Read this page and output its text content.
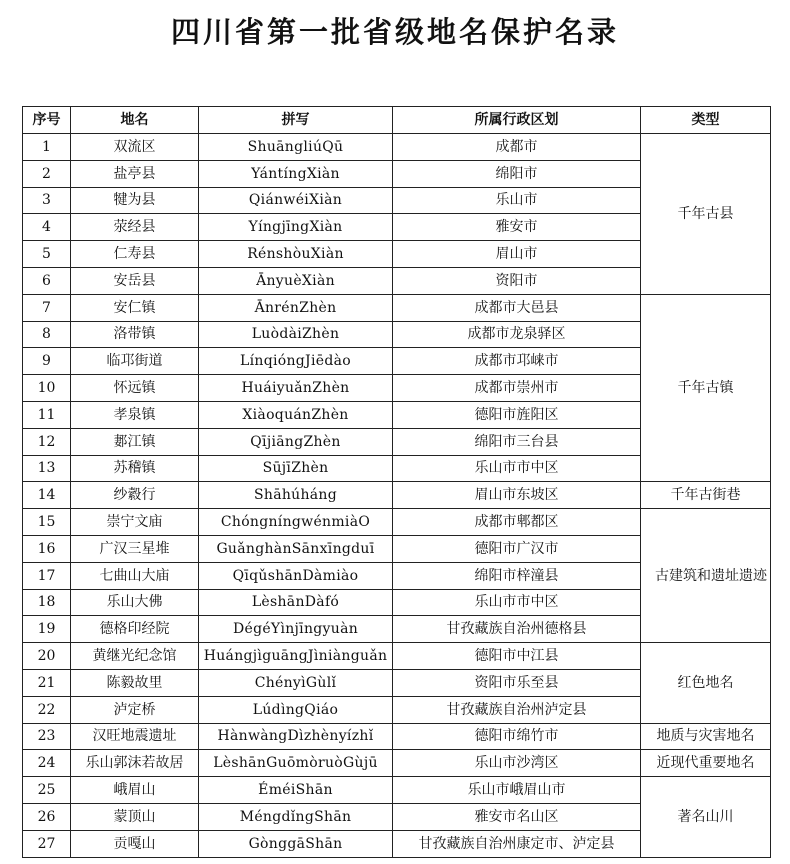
四川省第一批省级地名保护名录
序号	地名	拼写	所属行政区划	类型
1	双流区	ShuāngliúQū	成都市	千年古县
2	盐亭县	YántíngXiàn	绵阳市	
3	犍为县	QiánwéiXiàn	乐山市	
4	荥经县	YíngjīngXiàn	雅安市	
5	仁寿县	RénshòuXiàn	眉山市	
6	安岳县	ĀnyuèXiàn	资阳市	
7	安仁镇	ĀnrénZhèn	成都市大邑县	千年古镇
8	洛带镇	LuòdàiZhèn	成都市龙泉驿区	
9	临邛街道	LínqióngJiēdào	成都市邛崃市	
10	怀远镇	HuáiyuǎnZhèn	成都市崇州市	
11	孝泉镇	XiàoquánZhèn	德阳市旌阳区	
12	郪江镇	QījiāngZhèn	绵阳市三台县	
13	苏稽镇	SūjīZhèn	乐山市市中区	
14	纱縠行	Shāhúháng	眉山市东坡区	千年古街巷
15	崇宁文庙	ChóngníngwénmiàO	成都市郫都区	古建筑和遗址遗迹
16	广汉三星堆	GuǎnghànSānxīngduī	德阳市广汉市	
17	七曲山大庙	QīqǔshānDàmiào	绵阳市梓潼县	
18	乐山大佛	LèshānDàfó	乐山市市中区	
19	德格印经院	DégéYìnjīngyuàn	甘孜藏族自治州德格县	
20	黄继光纪念馆	HuángjìguāngJìniànguǎn	德阳市中江县	红色地名
21	陈毅故里	ChényìGùlǐ	资阳市乐至县	
22	泸定桥	LúdìngQiáo	甘孜藏族自治州泸定县	
23	汉旺地震遗址	HànwàngDìzhènyízhǐ	德阳市绵竹市	地质与灾害地名
24	乐山郭沫若故居	LèshānGuōmòruòGùjū	乐山市沙湾区	近现代重要地名
25	峨眉山	ÉméiShān	乐山市峨眉山市	著名山川
26	蒙顶山	MéngdǐngShān	雅安市名山区	
27	贡嘎山	GònggāShān	甘孜藏族自治州康定市、泸定县	
